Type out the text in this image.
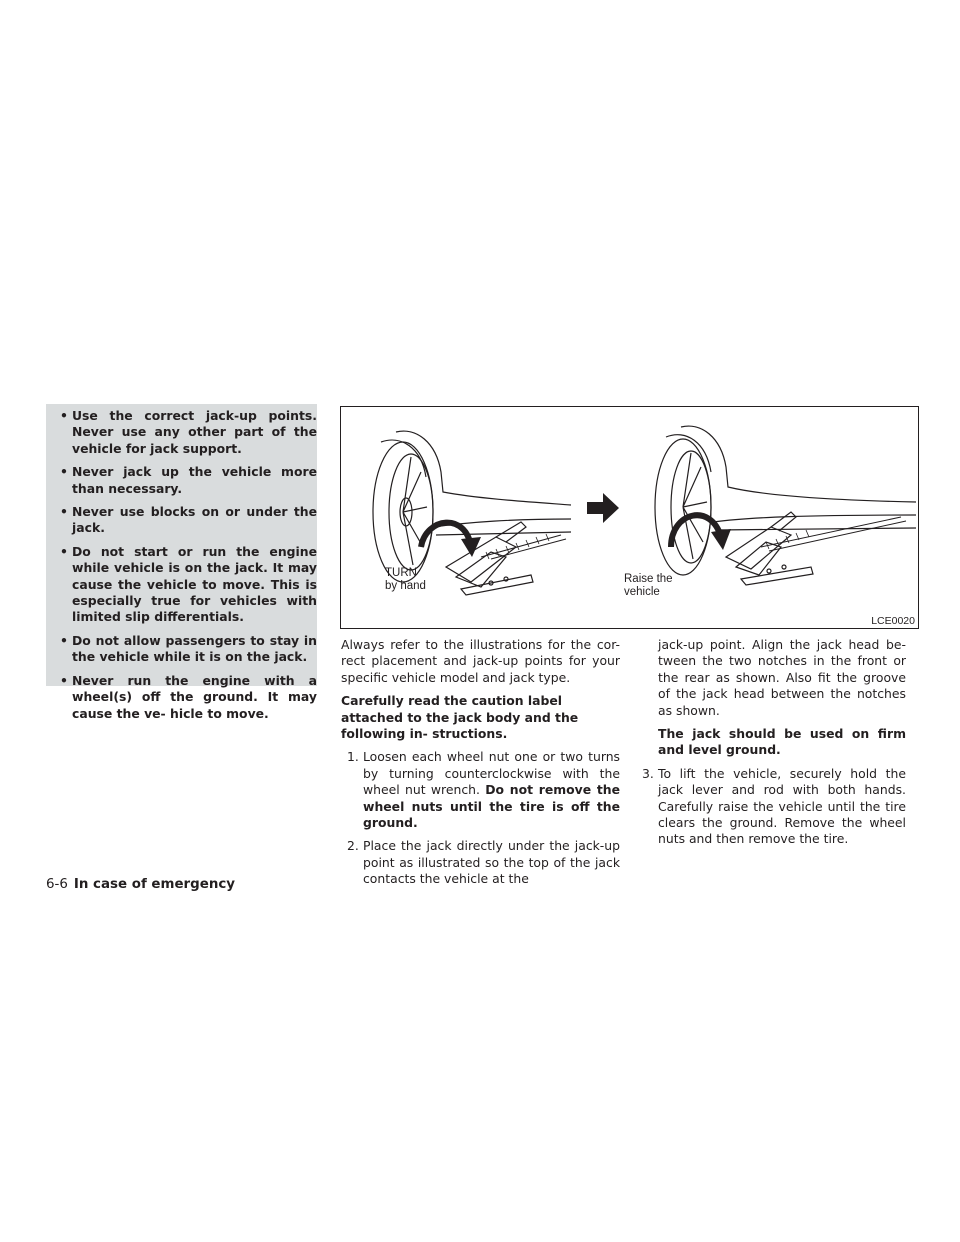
• Use the correct jack-up points. Never use any other part of the vehicle for jack support.
• Never jack up the vehicle more than necessary.
• Never use blocks on or under the jack.
• Do not start or run the engine while vehicle is on the jack. It may cause the vehicle to move. This is especially true for vehicles with limited slip differentials.
• Do not allow passengers to stay in the vehicle while it is on the jack.
• Never run the engine with a wheel(s) off the ground. It may cause the ve- hicle to move.
TURN
by hand
Raise the
vehicle
LCE0020

Always refer to the illustrations for the cor- rect placement and jack-up points for your specific vehicle model and jack type.

Carefully read the caution label attached to the jack body and the following in- structions.

1. Loosen each wheel nut one or two turns by turning counterclockwise with the wheel nut wrench. Do not remove the wheel nuts until the tire is off the ground.
2. Place the jack directly under the jack-up point as illustrated so the top of the jack contacts the vehicle at the
jack-up point. Align the jack head be- tween the two notches in the front or the rear as shown. Also fit the groove of the jack head between the notches as shown.
The jack should be used on firm and level ground.
3. To lift the vehicle, securely hold the jack lever and rod with both hands. Carefully raise the vehicle until the tire clears the ground. Remove the wheel nuts and then remove the tire.
6-6 In case of emergency
